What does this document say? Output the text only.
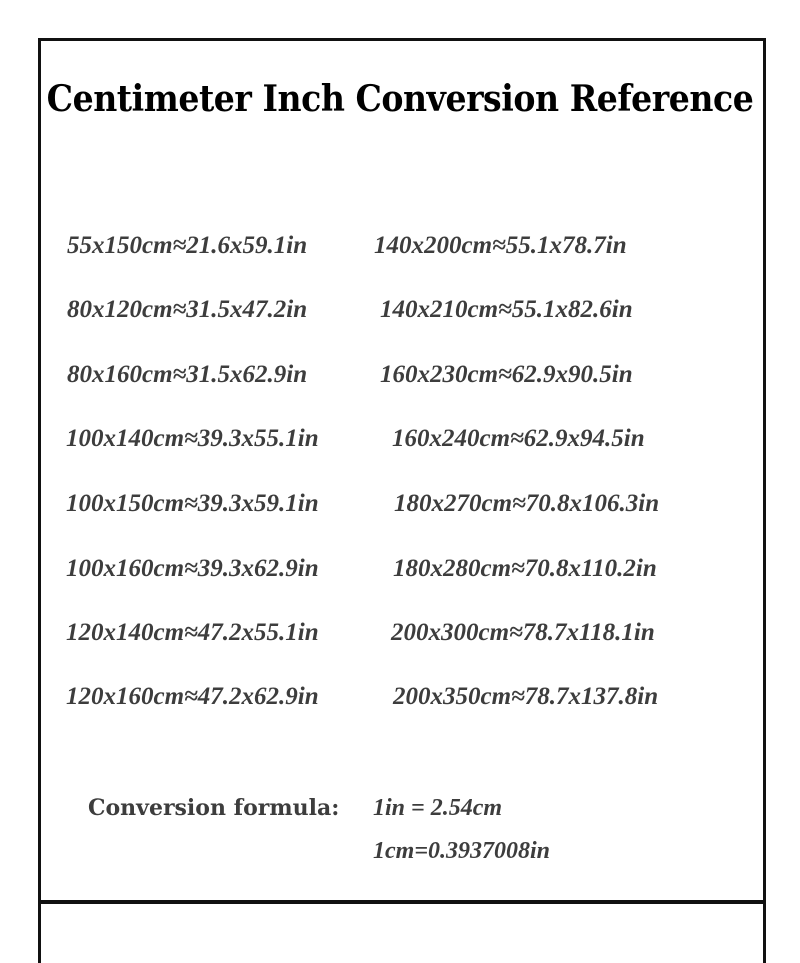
Centimeter Inch Conversion Reference
55x150cm≈21.6x59.1in	140x200cm≈55.1x78.7in
80x120cm≈31.5x47.2in	140x210cm≈55.1x82.6in
80x160cm≈31.5x62.9in	160x230cm≈62.9x90.5in
100x140cm≈39.3x55.1in	160x240cm≈62.9x94.5in
100x150cm≈39.3x59.1in	180x270cm≈70.8x106.3in
100x160cm≈39.3x62.9in	180x280cm≈70.8x110.2in
120x140cm≈47.2x55.1in	200x300cm≈78.7x118.1in
120x160cm≈47.2x62.9in	200x350cm≈78.7x137.8in
Conversion formula: 1in = 2.54cm
1cm=0.3937008in
